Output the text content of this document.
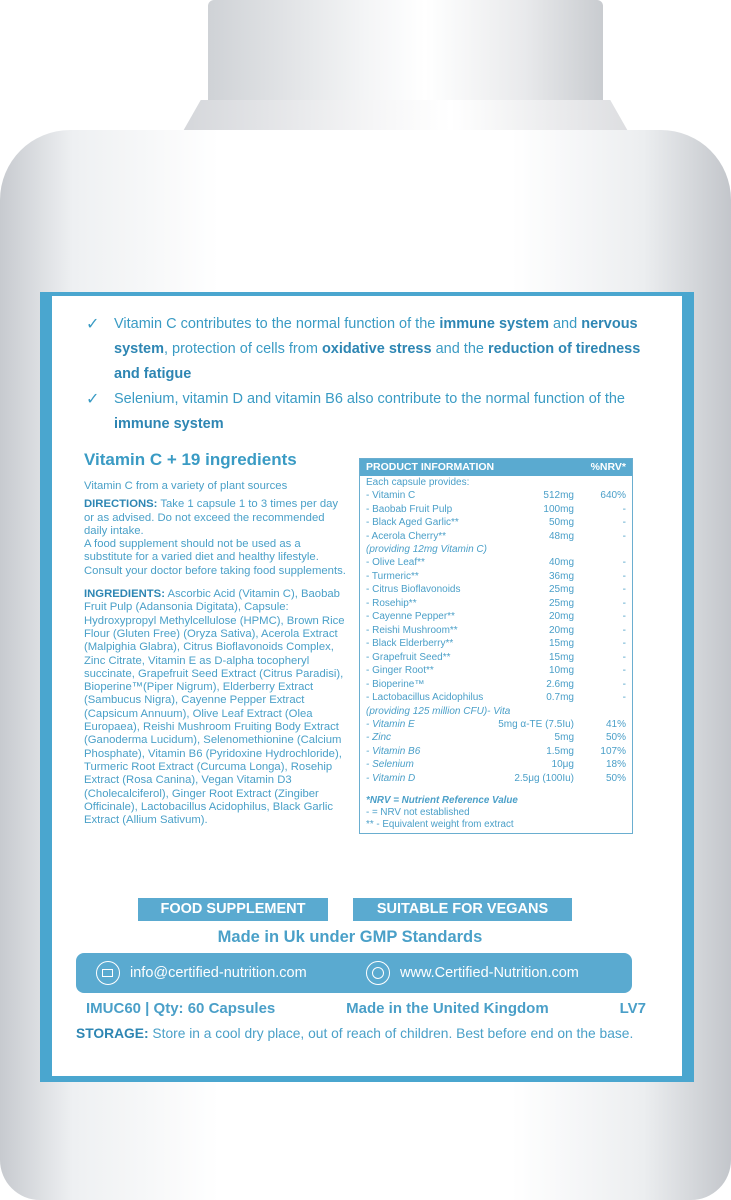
✓ Vitamin C contributes to the normal function of the immune system and nervous system, protection of cells from oxidative stress and the reduction of tiredness and fatigue
✓ Selenium, vitamin D and vitamin B6 also contribute to the normal function of the immune system
Vitamin C + 19 ingredients

Vitamin C from a variety of plant sources

DIRECTIONS: Take 1 capsule 1 to 3 times per day or as advised. Do not exceed the recommended daily intake.

A food supplement should not be used as a substitute for a varied diet and healthy lifestyle. Consult your doctor before taking food supplements.

INGREDIENTS: Ascorbic Acid (Vitamin C), Baobab Fruit Pulp (Adansonia Digitata), Capsule: Hydroxypropyl Methylcellulose (HPMC), Brown Rice Flour (Gluten Free) (Oryza Sativa), Acerola Extract (Malpighia Glabra), Citrus Bioflavonoids Complex, Zinc Citrate, Vitamin E as D-alpha tocopheryl succinate, Grapefruit Seed Extract (Citrus Paradisi), Bioperine™(Piper Nigrum), Elderberry Extract (Sambucus Nigra), Cayenne Pepper Extract (Capsicum Annuum), Olive Leaf Extract (Olea Europaea), Reishi Mushroom Fruiting Body Extract (Ganoderma Lucidum), Selenomethionine (Calcium Phosphate), Vitamin B6 (Pyridoxine Hydrochloride), Turmeric Root Extract (Curcuma Longa), Rosehip Extract (Rosa Canina), Vegan Vitamin D3 (Cholecalciferol), Ginger Root Extract (Zingiber Officinale), Lactobacillus Acidophilus, Black Garlic Extract (Allium Sativum).

PRODUCT INFORMATION	%NRV*
Each capsule provides:
- Vitamin C	512mg	640%
- Baobab Fruit Pulp	100mg	-
- Black Aged Garlic**	50mg	-
- Acerola Cherry**	48mg	-
(providing 12mg Vitamin C)
- Olive Leaf**	40mg	-
- Turmeric**	36mg	-
- Citrus Bioflavonoids	25mg	-
- Rosehip**	25mg	-
- Cayenne Pepper**	20mg	-
- Reishi Mushroom**	20mg	-
- Black Elderberry**	15mg	-
- Grapefruit Seed**	15mg	-
- Ginger Root**	10mg	-
- Bioperine™	2.6mg	-
- Lactobacillus Acidophilus	0.7mg	-
(providing 125 million CFU)- Vita
- Vitamin E	5mg α-TE (7.5Iu)	41%
- Zinc	5mg	50%
- Vitamin B6	1.5mg	107%
- Selenium	10μg	18%
- Vitamin D	2.5μg (100Iu)	50%
*NRV = Nutrient Reference Value
- = NRV not established
** - Equivalent weight from extract
FOOD SUPPLEMENT	SUITABLE FOR VEGANS
Made in Uk under GMP Standards
info@certified-nutrition.com	www.Certified-Nutrition.com
IMUC60 | Qty: 60 Capsules	Made in the United Kingdom	LV7
STORAGE: Store in a cool dry place, out of reach of children. Best before end on the base.
